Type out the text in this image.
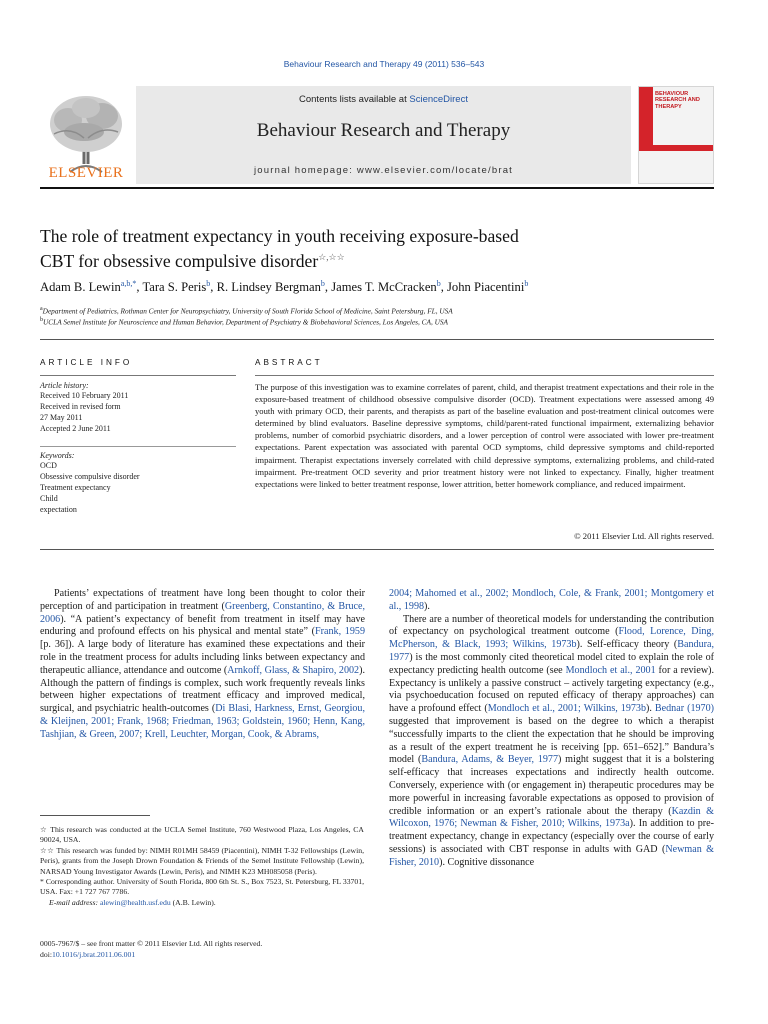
Behaviour Research and Therapy 49 (2011) 536–543
ELSEVIER
Contents lists available at ScienceDirect
Behaviour Research and Therapy
journal homepage: www.elsevier.com/locate/brat
BEHAVIOUR RESEARCH AND THERAPY
The role of treatment expectancy in youth receiving exposure-based
CBT for obsessive compulsive disorder☆,☆☆
Adam B. Lewin$^{a,b,*}$, Tara S. Peris$^b$, R. Lindsey Bergman$^b$, James T. McCracken$^b$, John Piacentini$^b$
$^a$Department of Pediatrics, Rothman Center for Neuropsychiatry, University of South Florida School of Medicine, Saint Petersburg, FL, USA
$^b$UCLA Semel Institute for Neuroscience and Human Behavior, Department of Psychiatry & Biobehavioral Sciences, Los Angeles, CA, USA
ARTICLE INFO
Article history:
Received 10 February 2011
Received in revised form
27 May 2011
Accepted 2 June 2011
Keywords:
OCD
Obsessive compulsive disorder
Treatment expectancy
Child
expectation
ABSTRACT
The purpose of this investigation was to examine correlates of parent, child, and therapist treatment expectations and their role in the exposure-based treatment of childhood obsessive compulsive disorder (OCD). Treatment expectations were assessed among 49 youth with primary OCD, their parents, and therapists as part of the baseline evaluation and post-treatment clinical outcomes were determined by blind evaluators. Baseline depressive symptoms, child/parent-rated functional impairment, externalizing behavior problems, number of comorbid psychiatric disorders, and a lower perception of control were associated with lower pre-treatment expectations. Parent expectation was associated with parental OCD symptoms, child depressive symptoms and child-reported impairment. Therapist expectations inversely correlated with child depressive symptoms, externalizing problems, and child-rated impairment. Pre-treatment OCD severity and prior treatment history were not linked to expectancy. Finally, higher treatment expectations were linked to better treatment response, lower attrition, better homework compliance, and reduced impairment.
© 2011 Elsevier Ltd. All rights reserved.

Patients’ expectations of treatment have long been thought to color their perception of and participation in treatment (Greenberg, Constantino, & Bruce, 2006). “A patient’s expectancy of benefit from treatment in itself may have enduring and profound effects on his physical and mental state” (Frank, 1959 [p. 36]). A large body of literature has examined these expectations and their role in the treatment process for adults including links between expectancy and therapeutic alliance, attendance and outcome (Arnkoff, Glass, & Shapiro, 2002). Although the pattern of findings is complex, such work frequently reveals links between higher expectations of treatment efficacy and improved medical, surgical, and psychiatric health-outcomes (Di Blasi, Harkness, Ernst, Georgiou, & Kleijnen, 2001; Frank, 1968; Friedman, 1963; Goldstein, 1960; Henn, Kang, Tashjian, & Green, 2007; Krell, Leuchter, Morgan, Cook, & Abrams,

2004; Mahomed et al., 2002; Mondloch, Cole, & Frank, 2001; Montgomery et al., 1998).

There are a number of theoretical models for understanding the contribution of expectancy on psychological treatment outcome (Flood, Lorence, Ding, McPherson, & Black, 1993; Wilkins, 1973b). Self-efficacy theory (Bandura, 1977) is the most commonly cited theoretical model cited to explain the role of expectancy predicting health outcome (see Mondloch et al., 2001 for a review). Expectancy is unlikely a passive construct – actively targeting expectancy (e.g., via psychoeducation focused on reputed efficacy of therapy approaches) can have a profound effect (Mondloch et al., 2001; Wilkins, 1973b). Bednar (1970) suggested that improvement is based on the degree to which a therapist “successfully imparts to the client the expectation that he should be improving as a result of the expert treatment he is receiving [pp. 651–652].” Bandura’s model (Bandura, Adams, & Beyer, 1977) might suggest that it is a bolstering self-efficacy that increases expectations and indirectly health outcome. Conversely, experience with (or engagement in) therapeutic procedures may be more powerful in increasing favorable expectations as opposed to provision of credible information or an expert’s rationale about the therapy (Kazdin & Wilcoxon, 1976; Newman & Fisher, 2010; Wilkins, 1973a). In addition to pre-treatment expectancy, change in expectancy (especially over the course of early sessions) is associated with CBT response in adults with GAD (Newman & Fisher, 2010). Cognitive dissonance

☆ This research was conducted at the UCLA Semel Institute, 760 Westwood Plaza, Los Angeles, CA 90024, USA.

☆☆ This research was funded by: NIMH R01MH 58459 (Piacentini), NIMH T-32 Fellowships (Lewin, Peris), grants from the Joseph Drown Foundation & Friends of the Semel Institute Fellowship (Lewin), NARSAD Young Investigator Awards (Lewin, Peris), and NIMH K23 MH085058 (Peris).

* Corresponding author. University of South Florida, 800 6th St. S., Box 7523, St. Petersburg, FL 33701, USA. Fax: +1 727 767 7786.

E-mail address: alewin@health.usf.edu (A.B. Lewin).

0005-7967/$ – see front matter © 2011 Elsevier Ltd. All rights reserved.
doi:10.1016/j.brat.2011.06.001
